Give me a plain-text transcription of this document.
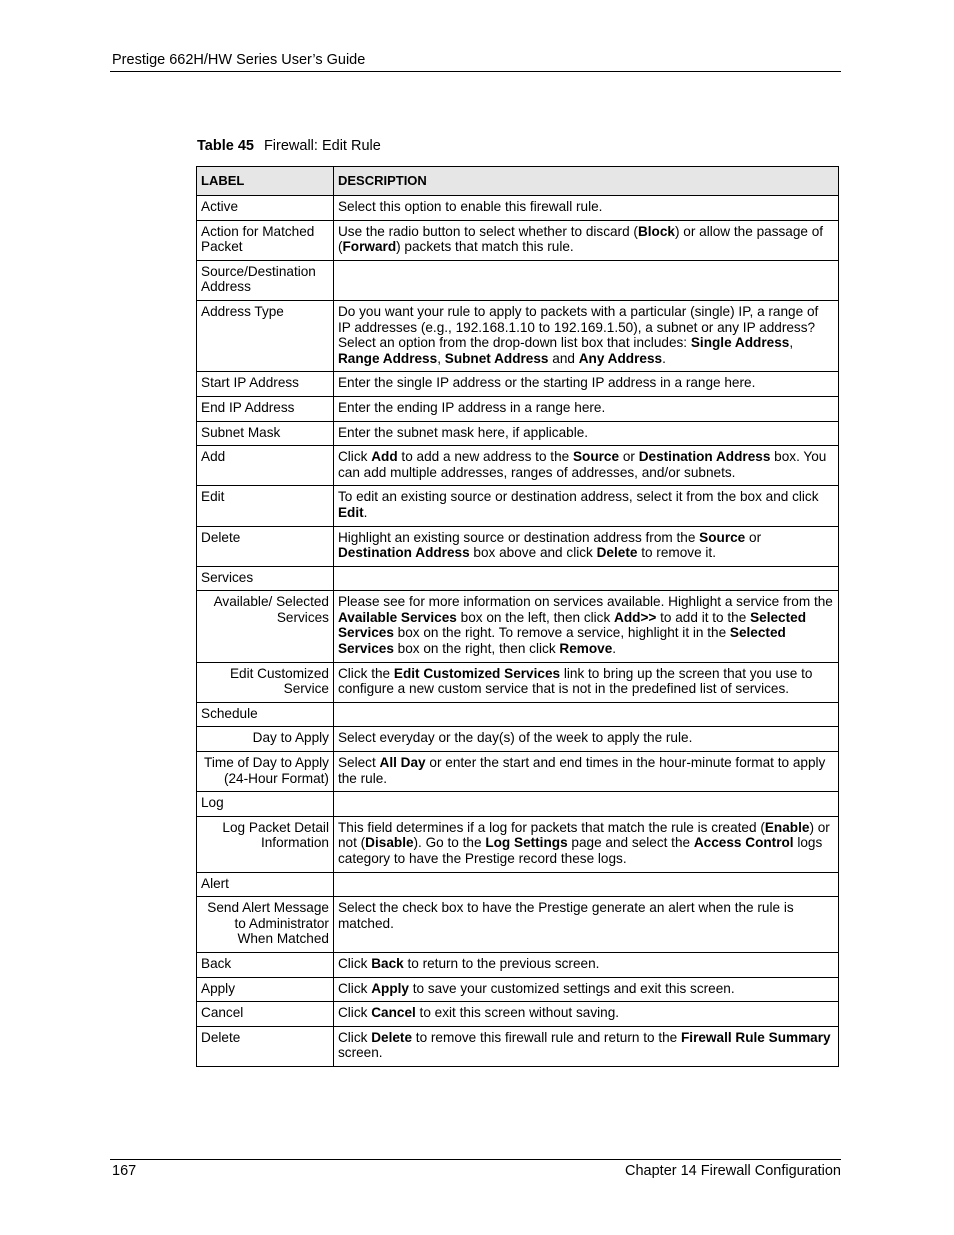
Prestige 662H/HW Series User’s Guide
Table 45 Firewall: Edit Rule
LABEL	DESCRIPTION
Active	Select this option to enable this firewall rule.
Action for Matched Packet	Use the radio button to select whether to discard (Block) or allow the passage of (Forward) packets that match this rule.
Source/Destination Address	
Address Type	Do you want your rule to apply to packets with a particular (single) IP, a range of IP addresses (e.g., 192.168.1.10 to 192.169.1.50), a subnet or any IP address? Select an option from the drop-down list box that includes: Single Address, Range Address, Subnet Address and Any Address.
Start IP Address	Enter the single IP address or the starting IP address in a range here.
End IP Address	Enter the ending IP address in a range here.
Subnet Mask	Enter the subnet mask here, if applicable.
Add	Click Add to add a new address to the Source or Destination Address box. You can add multiple addresses, ranges of addresses, and/or subnets.
Edit	To edit an existing source or destination address, select it from the box and click Edit.
Delete	Highlight an existing source or destination address from the Source or Destination Address box above and click Delete to remove it.
Services	
Available/ Selected Services	Please see for more information on services available. Highlight a service from the Available Services box on the left, then click Add>> to add it to the Selected Services box on the right. To remove a service, highlight it in the Selected Services box on the right, then click Remove.
Edit Customized Service	Click the Edit Customized Services link to bring up the screen that you use to configure a new custom service that is not in the predefined list of services.
Schedule	
Day to Apply	Select everyday or the day(s) of the week to apply the rule.
Time of Day to Apply (24-Hour Format)	Select All Day or enter the start and end times in the hour-minute format to apply the rule.
Log	
Log Packet Detail Information	This field determines if a log for packets that match the rule is created (Enable) or not (Disable). Go to the Log Settings page and select the Access Control logs category to have the Prestige record these logs.
Alert	
Send Alert Message to Administrator When Matched	Select the check box to have the Prestige generate an alert when the rule is matched.
Back	Click Back to return to the previous screen.
Apply	Click Apply to save your customized settings and exit this screen.
Cancel	Click Cancel to exit this screen without saving.
Delete	Click Delete to remove this firewall rule and return to the Firewall Rule Summary screen.
167	Chapter 14 Firewall Configuration
